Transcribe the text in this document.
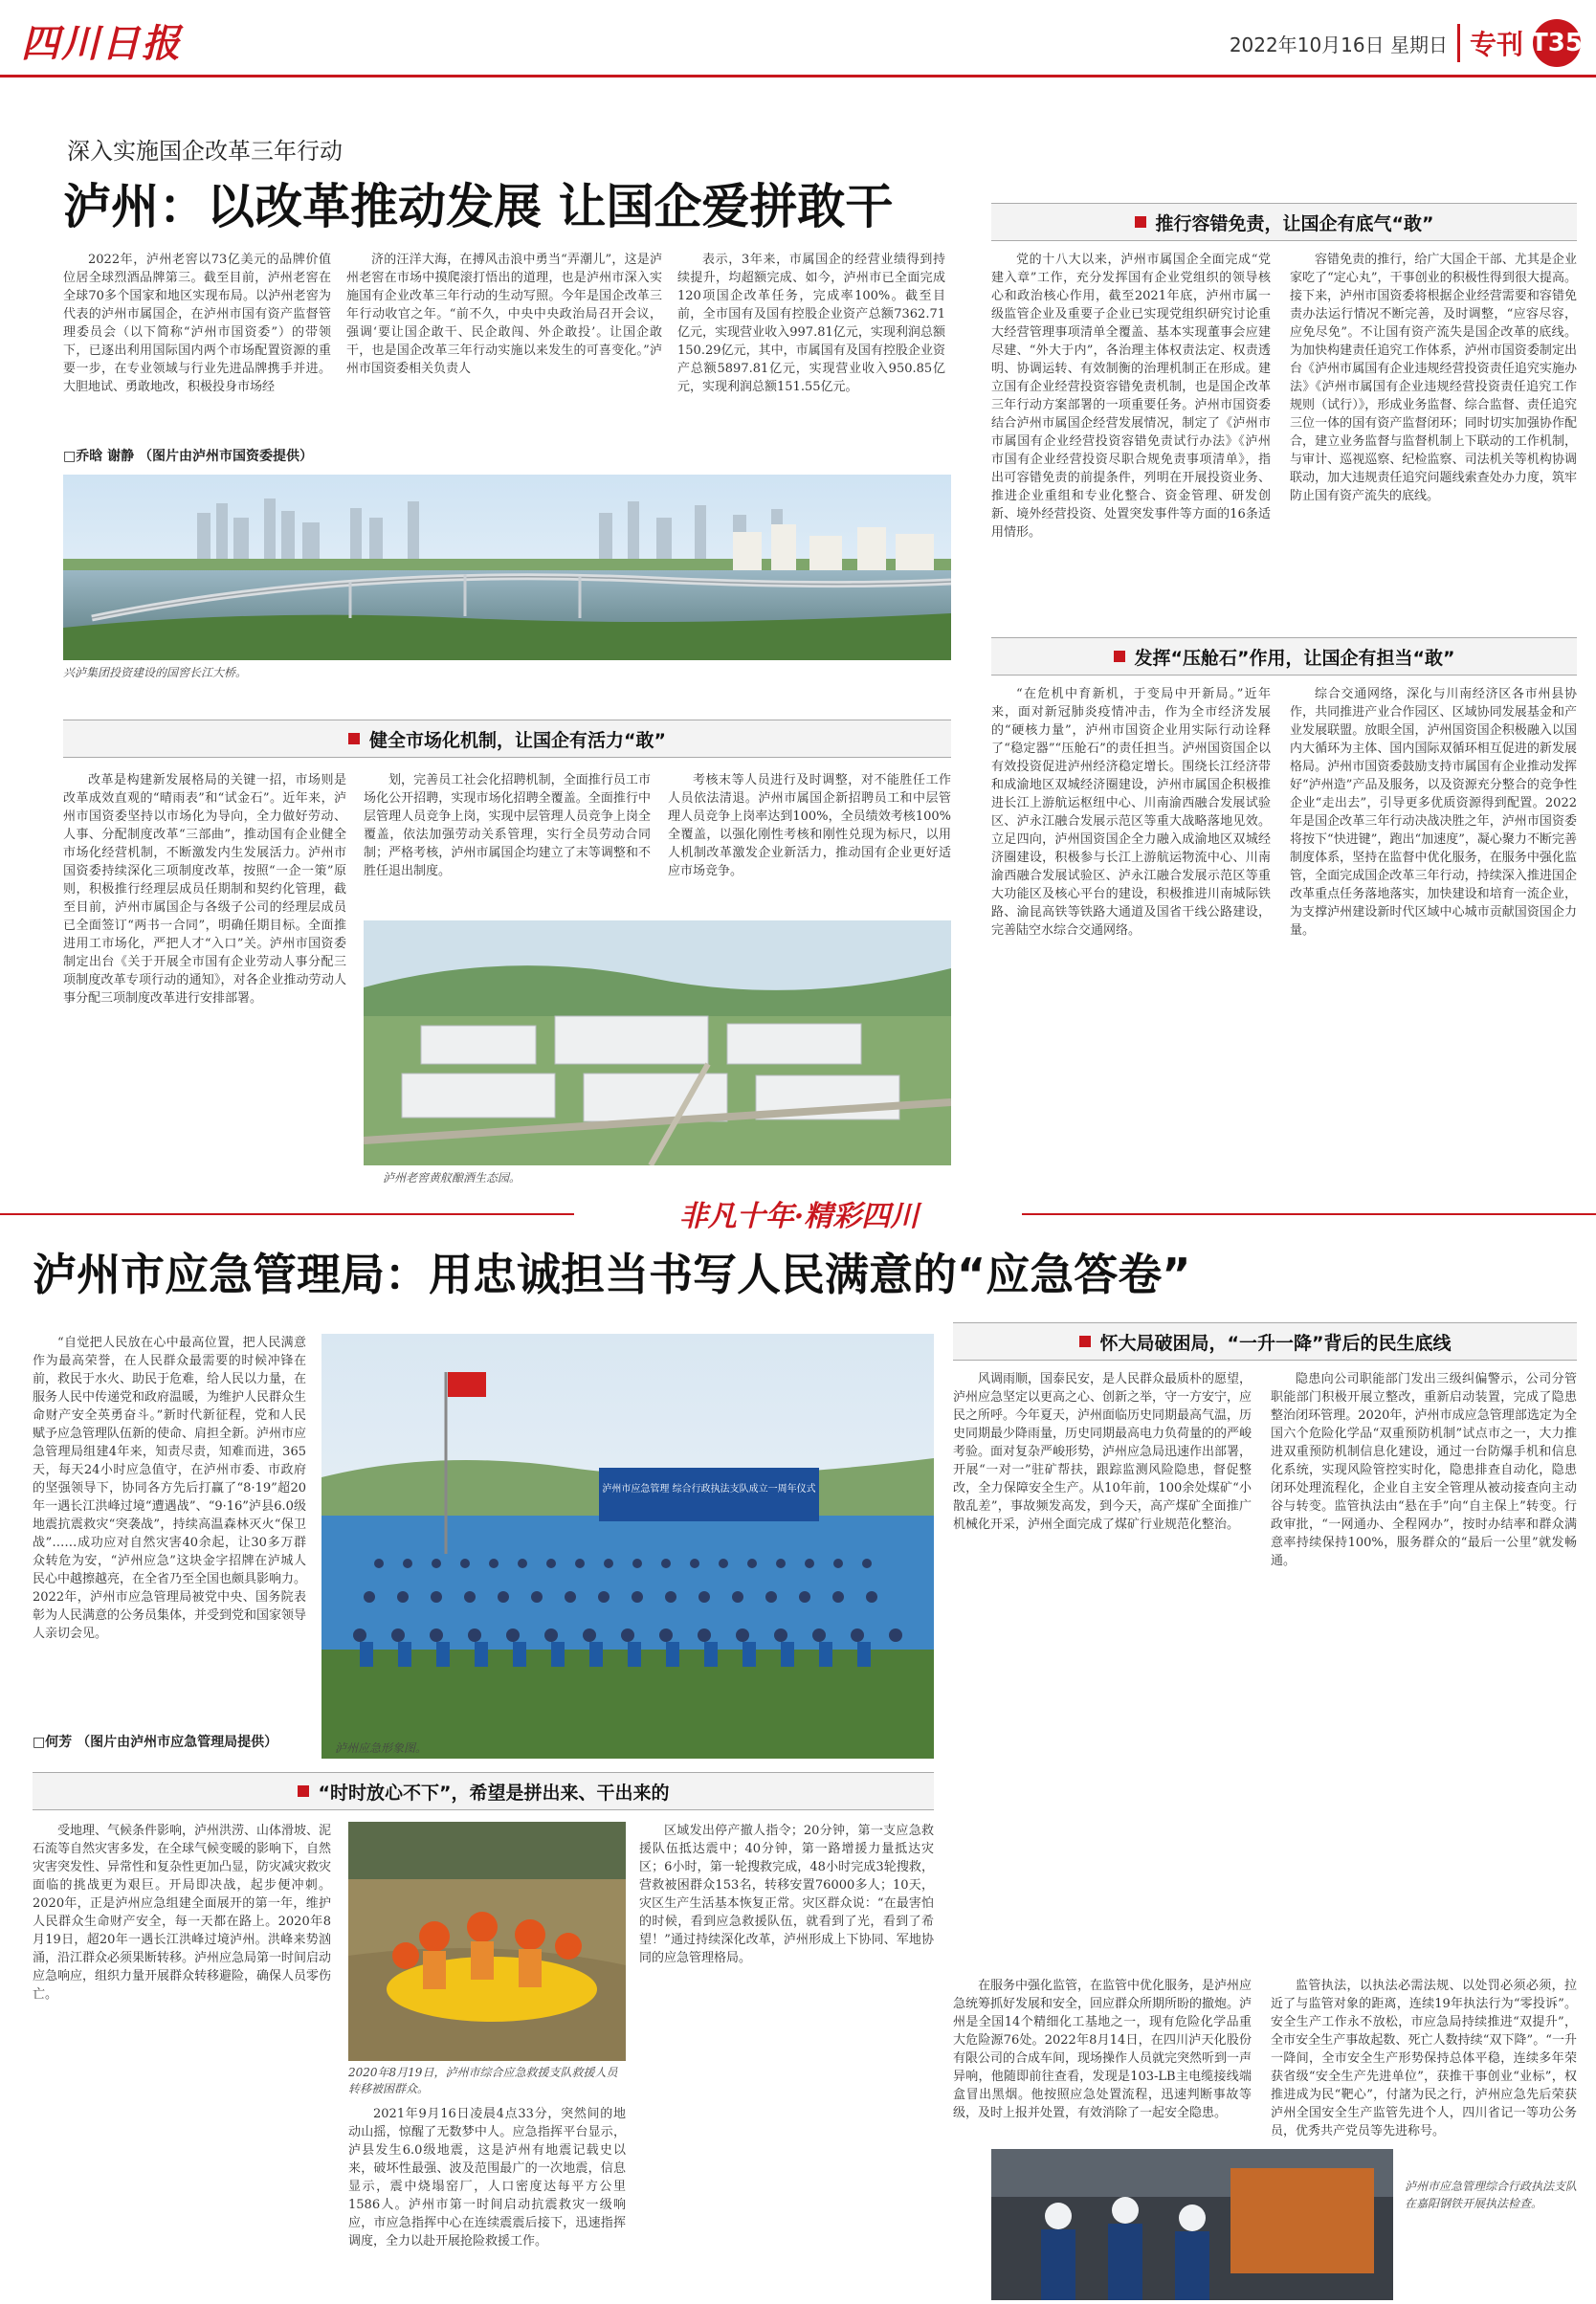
四川日报	2022年10月16日 星期日 专刊 T35
深入实施国企改革三年行动
泸州：以改革推动发展 让国企爱拼敢干

2022年，泸州老窖以73亿美元的品牌价值位居全球烈酒品牌第三。截至目前，泸州老窖在全球70多个国家和地区实现布局。以泸州老窖为代表的泸州市属国企，在泸州市国有资产监督管理委员会（以下简称“泸州市国资委”）的带领下，已逐出利用国际国内两个市场配置资源的重要一步，在专业领域与行业先进品牌携手并进。大胆地试、勇敢地改，积极投身市场经

济的汪洋大海，在搏风击浪中勇当“弄潮儿”，这是泸州老窖在市场中摸爬滚打悟出的道理，也是泸州市深入实施国有企业改革三年行动的生动写照。今年是国企改革三年行动收官之年。“前不久，中央中央政治局召开会议，强调‘要让国企敢干、民企敢闯、外企敢投’。让国企敢干，也是国企改革三年行动实施以来发生的可喜变化。”泸州市国资委相关负责人

表示，3年来，市属国企的经营业绩得到持续提升，均超额完成、如今，泸州市已全面完成120项国企改革任务，完成率100%。截至目前，全市国有及国有控股企业资产总额7362.71亿元，实现营业收入997.81亿元，实现利润总额150.29亿元，其中，市属国有及国有控股企业资产总额5897.81亿元，实现营业收入950.85亿元，实现利润总额151.55亿元。

□乔晗 谢静 （图片由泸州市国资委提供）
兴泸集团投资建设的国窖长江大桥。
推行容错免责，让国企有底气“敢”

党的十八大以来，泸州市属国企全面完成“党建入章”工作，充分发挥国有企业党组织的领导核心和政治核心作用，截至2021年底，泸州市属一级监管企业及重要子企业已实现党组织研究讨论重大经营管理事项清单全覆盖、基本实现董事会应建尽建、“外大于内”，各治理主体权责法定、权责透明、协调运转、有效制衡的治理机制正在形成。建立国有企业经营投资容错免责机制，也是国企改革三年行动方案部署的一项重要任务。泸州市国资委结合泸州市属国企经营发展情况，制定了《泸州市市属国有企业经营投资容错免责试行办法》《泸州市国有企业经营投资尽职合规免责事项清单》，指出可容错免责的前提条件，列明在开展投资业务、推进企业重组和专业化整合、资金管理、研发创新、境外经营投资、处置突发事件等方面的16条适用情形。

容错免责的推行，给广大国企干部、尤其是企业家吃了“定心丸”，干事创业的积极性得到很大提高。接下来，泸州市国资委将根据企业经营需要和容错免责办法运行情况不断完善，及时调整，“应容尽容，应免尽免”。不让国有资产流失是国企改革的底线。为加快构建责任追究工作体系，泸州市国资委制定出台《泸州市属国有企业违规经营投资责任追究实施办法》《泸州市属国有企业违规经营投资责任追究工作规则（试行）》，形成业务监督、综合监督、责任追究三位一体的国有资产监督闭环；同时切实加强协作配合，建立业务监督与监督机制上下联动的工作机制，与审计、巡视巡察、纪检监察、司法机关等机构协调联动，加大违规责任追究问题线索查处办力度，筑牢防止国有资产流失的底线。

发挥“压舱石”作用，让国企有担当“敢”

“在危机中育新机，于变局中开新局。”近年来，面对新冠肺炎疫情冲击，作为全市经济发展的“硬核力量”，泸州市国资企业用实际行动诠释了“稳定器”“压舱石”的责任担当。泸州国资国企以有效投资促进泸州经济稳定增长。围绕长江经济带和成渝地区双城经济圈建设，泸州市属国企积极推进长江上游航运枢纽中心、川南渝西融合发展试验区、泸永江融合发展示范区等重大战略落地见效。立足四向，泸州国资国企全力融入成渝地区双城经济圈建设，积极参与长江上游航运物流中心、川南渝西融合发展试验区、泸永江融合发展示范区等重大功能区及核心平台的建设，积极推进川南城际铁路、渝昆高铁等铁路大通道及国省干线公路建设，完善陆空水综合交通网络。

综合交通网络，深化与川南经济区各市州县协作，共同推进产业合作园区、区域协同发展基金和产业发展联盟。放眼全国，泸州国资国企积极融入以国内大循环为主体、国内国际双循环相互促进的新发展格局。泸州市国资委鼓励支持市属国有企业推动发挥好“泸州造”产品及服务，以及资源充分整合的竞争性企业“走出去”，引导更多优质资源得到配置。2022年是国企改革三年行动决战决胜之年，泸州市国资委将按下“快进键”，跑出“加速度”，凝心聚力不断完善制度体系，坚持在监督中优化服务，在服务中强化监管，全面完成国企改革三年行动，持续深入推进国企改革重点任务落地落实，加快建设和培育一流企业，为支撑泸州建设新时代区域中心城市贡献国资国企力量。

健全市场化机制，让国企有活力“敢”

改革是构建新发展格局的关键一招，市场则是改革成效直观的“晴雨表”和“试金石”。近年来，泸州市国资委坚持以市场化为导向，全力做好劳动、人事、分配制度改革“三部曲”，推动国有企业健全市场化经营机制，不断激发内生发展活力。泸州市国资委持续深化三项制度改革，按照“一企一策”原则，积极推行经理层成员任期制和契约化管理，截至目前，泸州市属国企与各级子公司的经理层成员已全面签订“两书一合同”，明确任期目标。全面推进用工市场化，严把人才“入口”关。泸州市国资委制定出台《关于开展全市国有企业劳动人事分配三项制度改革专项行动的通知》，对各企业推动劳动人事分配三项制度改革进行安排部署。

划，完善员工社会化招聘机制，全面推行员工市场化公开招聘，实现市场化招聘全覆盖。全面推行中层管理人员竞争上岗，实现中层管理人员竞争上岗全覆盖，依法加强劳动关系管理，实行全员劳动合同制；严格考核，泸州市属国企均建立了末等调整和不胜任退出制度。

考核末等人员进行及时调整，对不能胜任工作人员依法清退。泸州市属国企新招聘员工和中层管理人员竞争上岗率达到100%，全员绩效考核100%全覆盖，以强化刚性考核和刚性兑现为标尺，以用人机制改革激发企业新活力，推动国有企业更好适应市场竞争。

泸州老窖黄舣酿酒生态园。
非凡十年·精彩四川
泸州市应急管理局：用忠诚担当书写人民满意的“应急答卷”

“自觉把人民放在心中最高位置，把人民满意作为最高荣誉，在人民群众最需要的时候冲锋在前，救民于水火、助民于危难，给人民以力量，在服务人民中传递党和政府温暖，为维护人民群众生命财产安全英勇奋斗。”新时代新征程，党和人民赋予应急管理队伍新的使命、肩担全新。泸州市应急管理局组建4年来，知责尽责，知难而进，365天，每天24小时应急值守，在泸州市委、市政府的坚强领导下，协同各方先后打赢了“8·19”超20年一遇长江洪峰过境“遭遇战”、“9·16”泸县6.0级地震抗震救灾“突袭战”，持续高温森林灭火“保卫战”……成功应对自然灾害40余起，让30多万群众转危为安，“泸州应急”这块金字招牌在泸城人民心中越擦越亮，在全省乃至全国也颇具影响力。2022年，泸州市应急管理局被党中央、国务院表彰为人民满意的公务员集体，并受到党和国家领导人亲切会见。

□何芳 （图片由泸州市应急管理局提供）
泸州市应急管理 综合行政执法支队成立一周年仪式
泸州应急形象图。
怀大局破困局，“一升一降”背后的民生底线

风调雨顺，国泰民安，是人民群众最质朴的愿望，泸州应急坚定以更高之心、创新之举，守一方安宁，应民之所呼。今年夏天，泸州面临历史同期最高气温，历史同期最少降雨量，历史同期最高电力负荷量的的严峻考验。面对复杂严峻形势，泸州应急局迅速作出部署，开展“一对一”驻矿帮扶，跟踪监测风险隐患，督促整改，全力保障安全生产。从10年前，100余处煤矿“小散乱差”，事故频发高发，到今天，高产煤矿全面推广机械化开采，泸州全面完成了煤矿行业规范化整治。

隐患向公司职能部门发出三级纠偏警示，公司分管职能部门积极开展立整改，重新启动装置，完成了隐患整治闭环管理。2020年，泸州市成应急管理部选定为全国六个危险化学品“双重预防机制”试点市之一，大力推进双重预防机制信息化建设，通过一台防爆手机和信息化系统，实现风险管控实时化，隐患排查自动化，隐患闭环处理流程化，企业自主安全管理从被动接查向主动谷与转变。监管执法由“悬在手”向“自主保上”转变。行政审批，“一网通办、全程网办”，按时办结率和群众满意率持续保持100%，服务群众的“最后一公里”就发畅通。

“时时放心不下”，希望是拼出来、干出来的

受地理、气候条件影响，泸州洪涝、山体滑坡、泥石流等自然灾害多发，在全球气候变暖的影响下，自然灾害突发性、异常性和复杂性更加凸显，防灾减灾救灾面临的挑战更为艰巨。开局即决战，起步便冲刺。2020年，正是泸州应急组建全面展开的第一年，维护人民群众生命财产安全，每一天都在路上。2020年8月19日，超20年一遇长江洪峰过境泸州。洪峰来势汹涌，沿江群众必须果断转移。泸州应急局第一时间启动应急响应，组织力量开展群众转移避险，确保人员零伤亡。

2020年8月19日，泸州市综合应急救援支队救援人员转移被困群众。

2021年9月16日凌晨4点33分，突然间的地动山摇，惊醒了无数梦中人。应急指挥平台显示，泸县发生6.0级地震，这是泸州有地震记载史以来，破坏性最强、波及范围最广的一次地震，信息显示，震中烧塌窑厂，人口密度达每平方公里1586人。泸州市第一时间启动抗震救灾一级响应，市应急指挥中心在连续震震后接下，迅速指挥调度，全力以赴开展抢险救援工作。

区域发出停产撤人指令；20分钟，第一支应急救援队伍抵达震中；40分钟，第一路增援力量抵达灾区；6小时，第一轮搜救完成，48小时完成3轮搜救，营救被困群众153名，转移安置76000多人；10天，灾区生产生活基本恢复正常。灾区群众说：“在最害怕的时候，看到应急救援队伍，就看到了光，看到了希望！”通过持续深化改革，泸州形成上下协同、军地协同的应急管理格局。

在服务中强化监管，在监管中优化服务，是泸州应急统筹抓好发展和安全，回应群众所期所盼的撤炮。泸州是全国14个精细化工基地之一，现有危险化学品重大危险源76处。2022年8月14日，在四川泸天化股份有限公司的合成车间，现场操作人员就完突然听到一声异响，他随即前往查看，发现是103-LB主电缆接线端盒冒出黑烟。他按照应急处置流程，迅速判断事故等级，及时上报并处置，有效消除了一起安全隐患。

监管执法，以执法必需法规、以处罚必须必须，拉近了与监管对象的距离，连续19年执法行为“零投诉”。安全生产工作永不放松，市应急局持续推进“双提升”，全市安全生产事故起数、死亡人数持续“双下降”。“一升一降间，全市安全生产形势保持总体平稳，连续多年荣获省级“安全生产先进单位”，获推干事创业“业标”，权推进成为民“靶心”，付諸为民之行，泸州应急先后荣获泸州全国安全生产监管先进个人，四川省记一等功公务员，优秀共产党员等先进称号。

泸州市应急管理综合行政执法支队在嘉阳钢铁开展执法检查。
